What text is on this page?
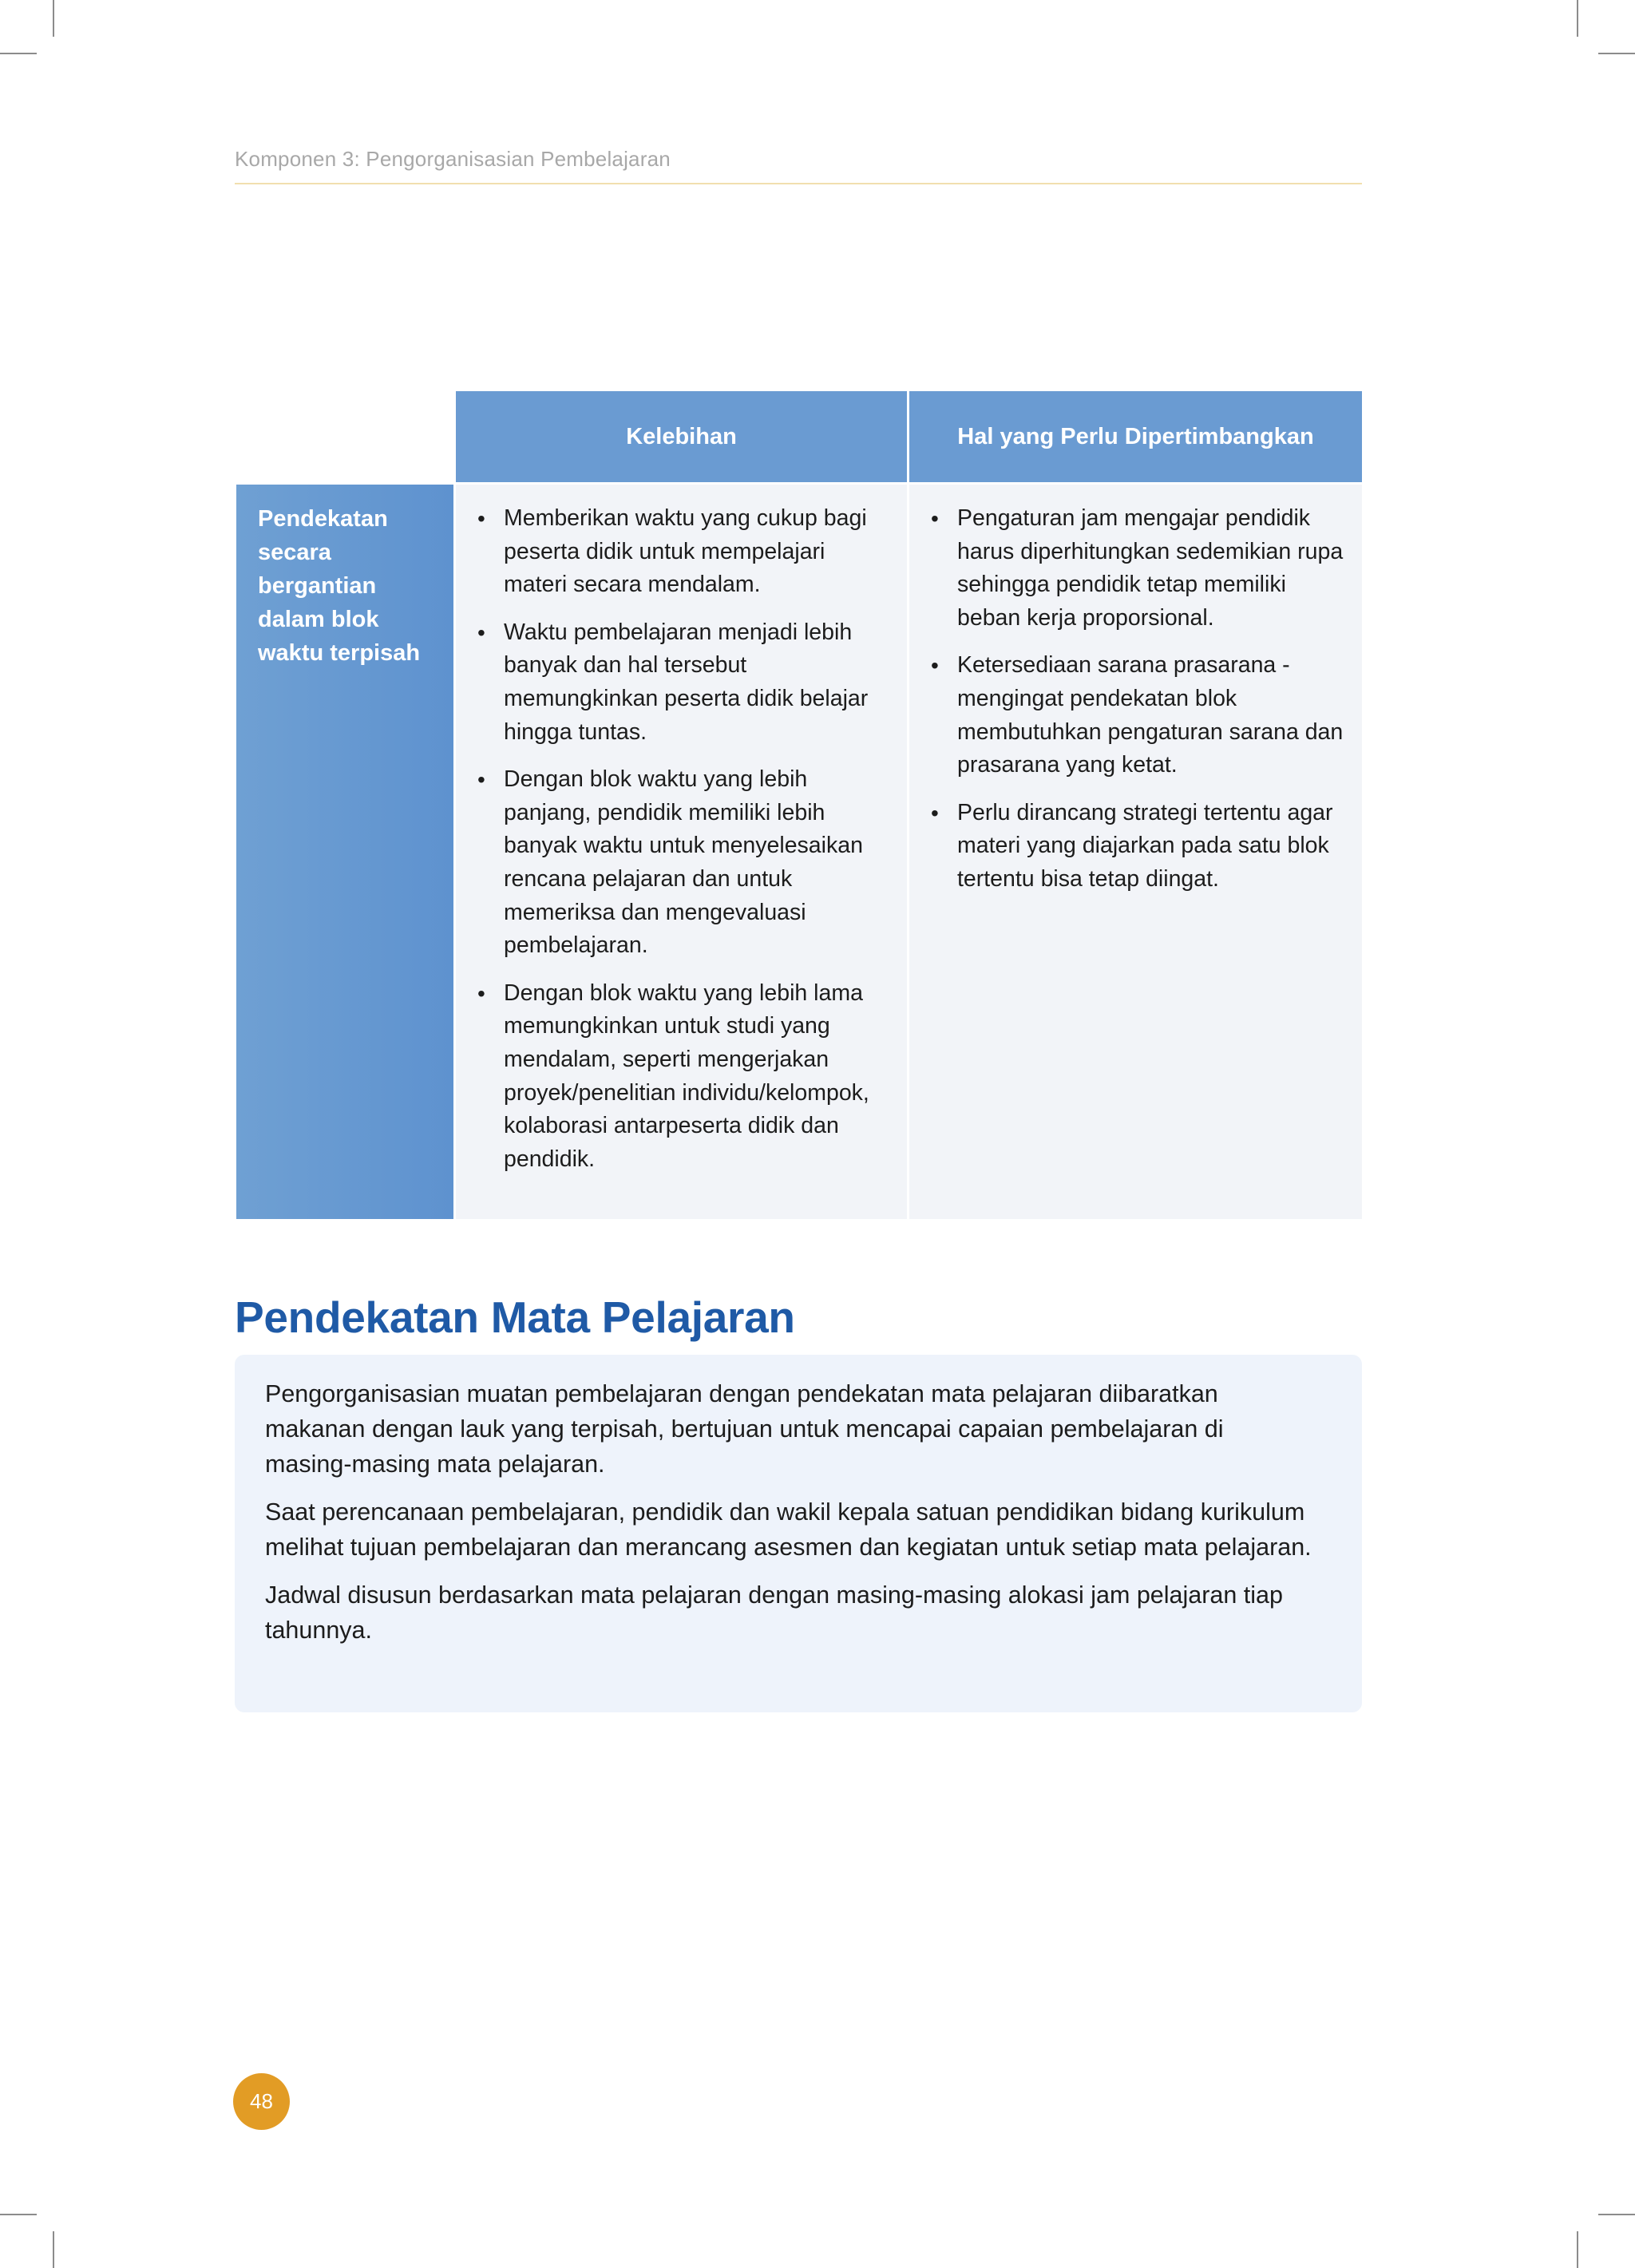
Komponen 3: Pengorganisasian Pembelajaran
Kelebihan	Hal yang Perlu Dipertimbangkan
Pendekatan secara bergantian dalam blok waktu terpisah
• Memberikan waktu yang cukup bagi peserta didik untuk mempelajari materi secara mendalam.
• Waktu pembelajaran menjadi lebih banyak dan hal tersebut memungkinkan peserta didik belajar hingga tuntas.
• Dengan blok waktu yang lebih panjang, pendidik memiliki lebih banyak waktu untuk menyelesaikan rencana pelajaran dan untuk memeriksa dan mengevaluasi pembelajaran.
• Dengan blok waktu yang lebih lama memungkinkan untuk studi yang mendalam, seperti mengerjakan proyek/penelitian individu/kelompok, kolaborasi antarpeserta didik dan pendidik.
• Pengaturan jam mengajar pendidik harus diperhitungkan sedemikian rupa sehingga pendidik tetap memiliki beban kerja proporsional.
• Ketersediaan sarana prasarana - mengingat pendekatan blok membutuhkan pengaturan sarana dan prasarana yang ketat.
• Perlu dirancang strategi tertentu agar materi yang diajarkan pada satu blok tertentu bisa tetap diingat.
Pendekatan Mata Pelajaran

Pengorganisasian muatan pembelajaran dengan pendekatan mata pelajaran diibaratkan makanan dengan lauk yang terpisah, bertujuan untuk mencapai capaian pembelajaran di masing-masing mata pelajaran.

Saat perencanaan pembelajaran, pendidik dan wakil kepala satuan pendidikan bidang kurikulum melihat tujuan pembelajaran dan merancang asesmen dan kegiatan untuk setiap mata pelajaran.

Jadwal disusun berdasarkan mata pelajaran dengan masing-masing alokasi jam pelajaran tiap tahunnya.

48
